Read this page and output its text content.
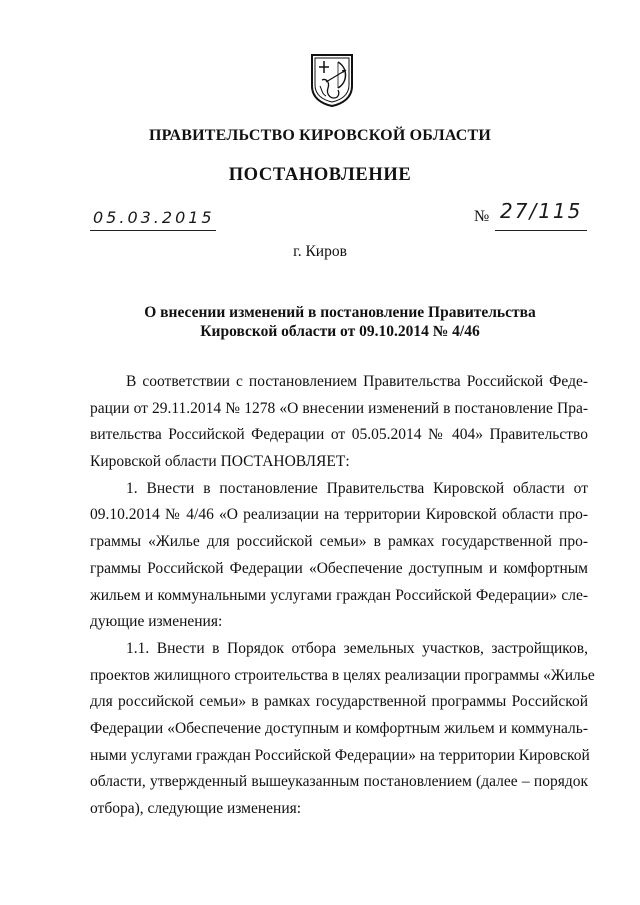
ПРАВИТЕЛЬСТВО КИРОВСКОЙ ОБЛАСТИ
ПОСТАНОВЛЕНИЕ
05.03.2015	№ 27/115
г. Киров
О внесении изменений в постановление Правительства
Кировской области от 09.10.2014 № 4/46
В соответствии с постановлением Правительства Российской Феде-
рации от 29.11.2014 № 1278 «О внесении изменений в постановление Пра-
вительства Российской Федерации от 05.05.2014 № 404» Правительство
Кировской области ПОСТАНОВЛЯЕТ:
1. Внести в постановление Правительства Кировской области от
09.10.2014 № 4/46 «О реализации на территории Кировской области про-
граммы «Жилье для российской семьи» в рамках государственной про-
граммы Российской Федерации «Обеспечение доступным и комфортным
жильем и коммунальными услугами граждан Российской Федерации» сле-
дующие изменения:
1.1. Внести в Порядок отбора земельных участков, застройщиков,
проектов жилищного строительства в целях реализации программы «Жилье
для российской семьи» в рамках государственной программы Российской
Федерации «Обеспечение доступным и комфортным жильем и коммуналь-
ными услугами граждан Российской Федерации» на территории Кировской
области, утвержденный вышеуказанным постановлением (далее – порядок
отбора), следующие изменения:
